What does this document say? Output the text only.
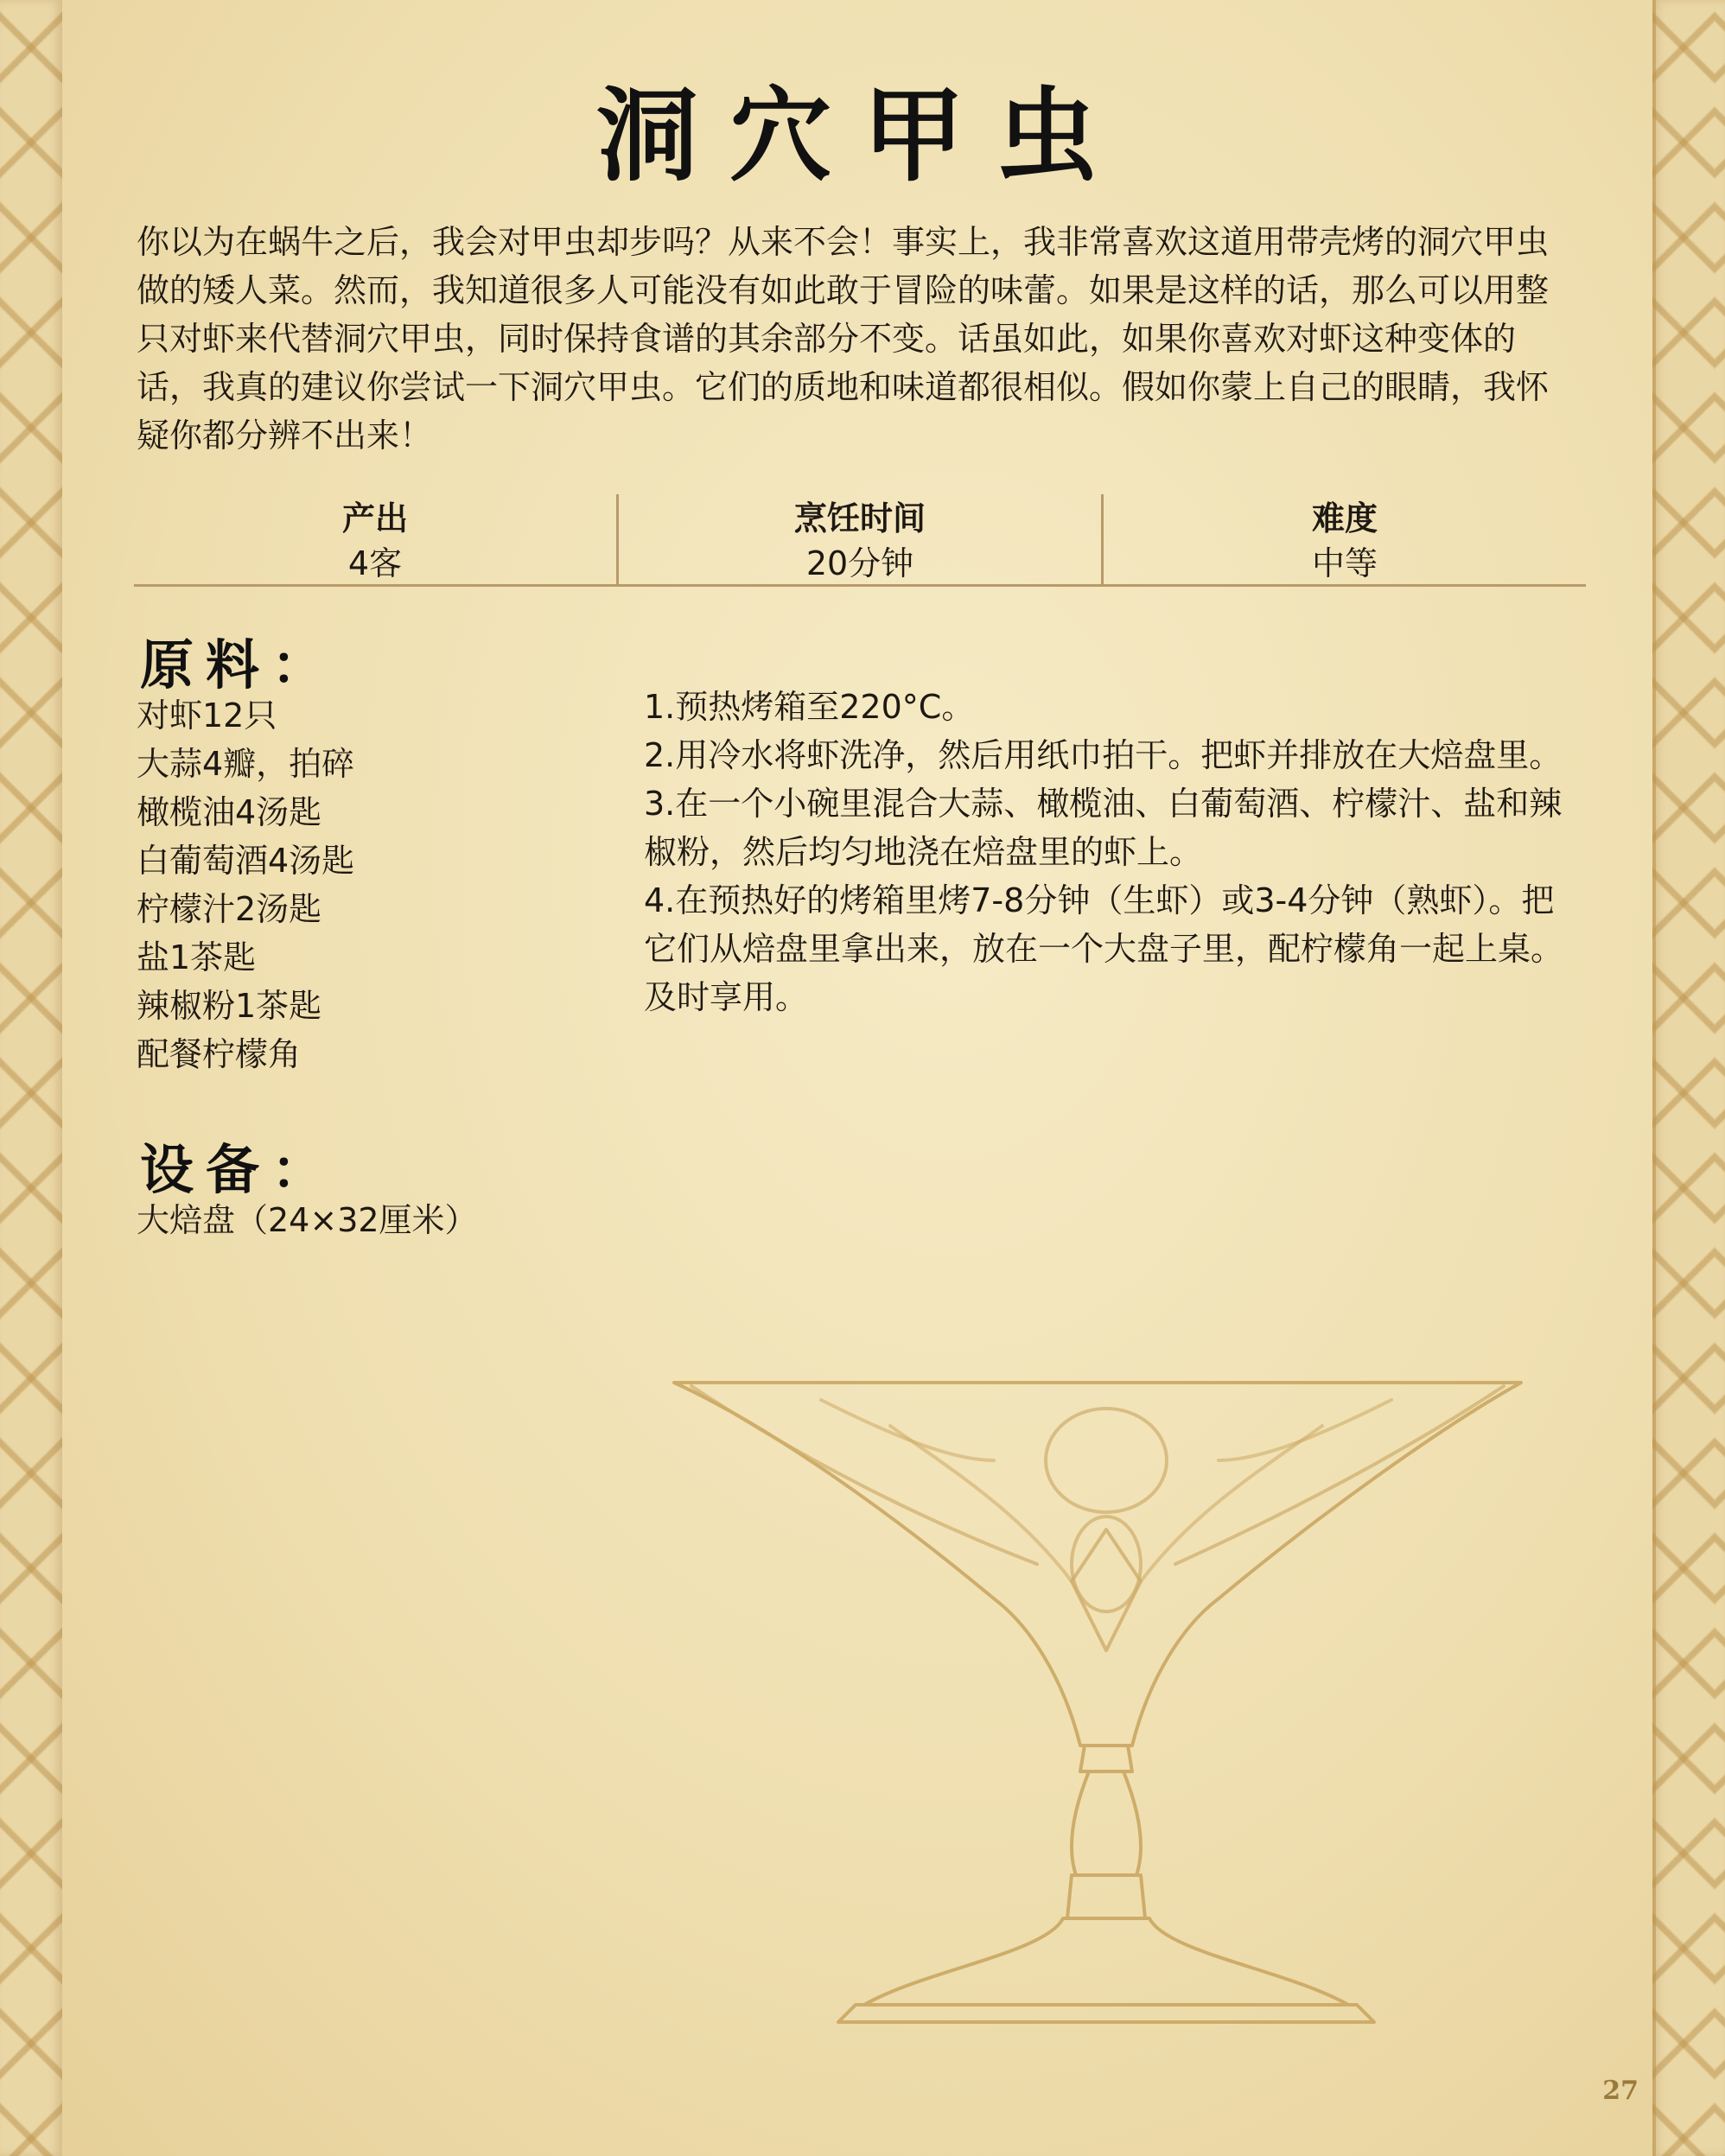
洞穴甲虫

你以为在蜗牛之后，我会对甲虫却步吗？从来不会！事实上，我非常喜欢这道用带壳烤的洞穴甲虫做的矮人菜。然而，我知道很多人可能没有如此敢于冒险的味蕾。如果是这样的话，那么可以用整只对虾来代替洞穴甲虫，同时保持食谱的其余部分不变。话虽如此，如果你喜欢对虾这种变体的话，我真的建议你尝试一下洞穴甲虫。它们的质地和味道都很相似。假如你蒙上自己的眼睛，我怀疑你都分辨不出来！

产出
4客
烹饪时间
20分钟
难度
中等
原料：
对虾12只
大蒜4瓣，拍碎
橄榄油4汤匙
白葡萄酒4汤匙
柠檬汁2汤匙
盐1茶匙
辣椒粉1茶匙
配餐柠檬角
设备：
大焙盘（24×32厘米）
1.预热烤箱至220°C。
2.用冷水将虾洗净，然后用纸巾拍干。把虾并排放在大焙盘里。
3.在一个小碗里混合大蒜、橄榄油、白葡萄酒、柠檬汁、盐和辣椒粉，然后均匀地浇在焙盘里的虾上。
4.在预热好的烤箱里烤7-8分钟（生虾）或3-4分钟（熟虾）。把它们从焙盘里拿出来，放在一个大盘子里，配柠檬角一起上桌。及时享用。
27
